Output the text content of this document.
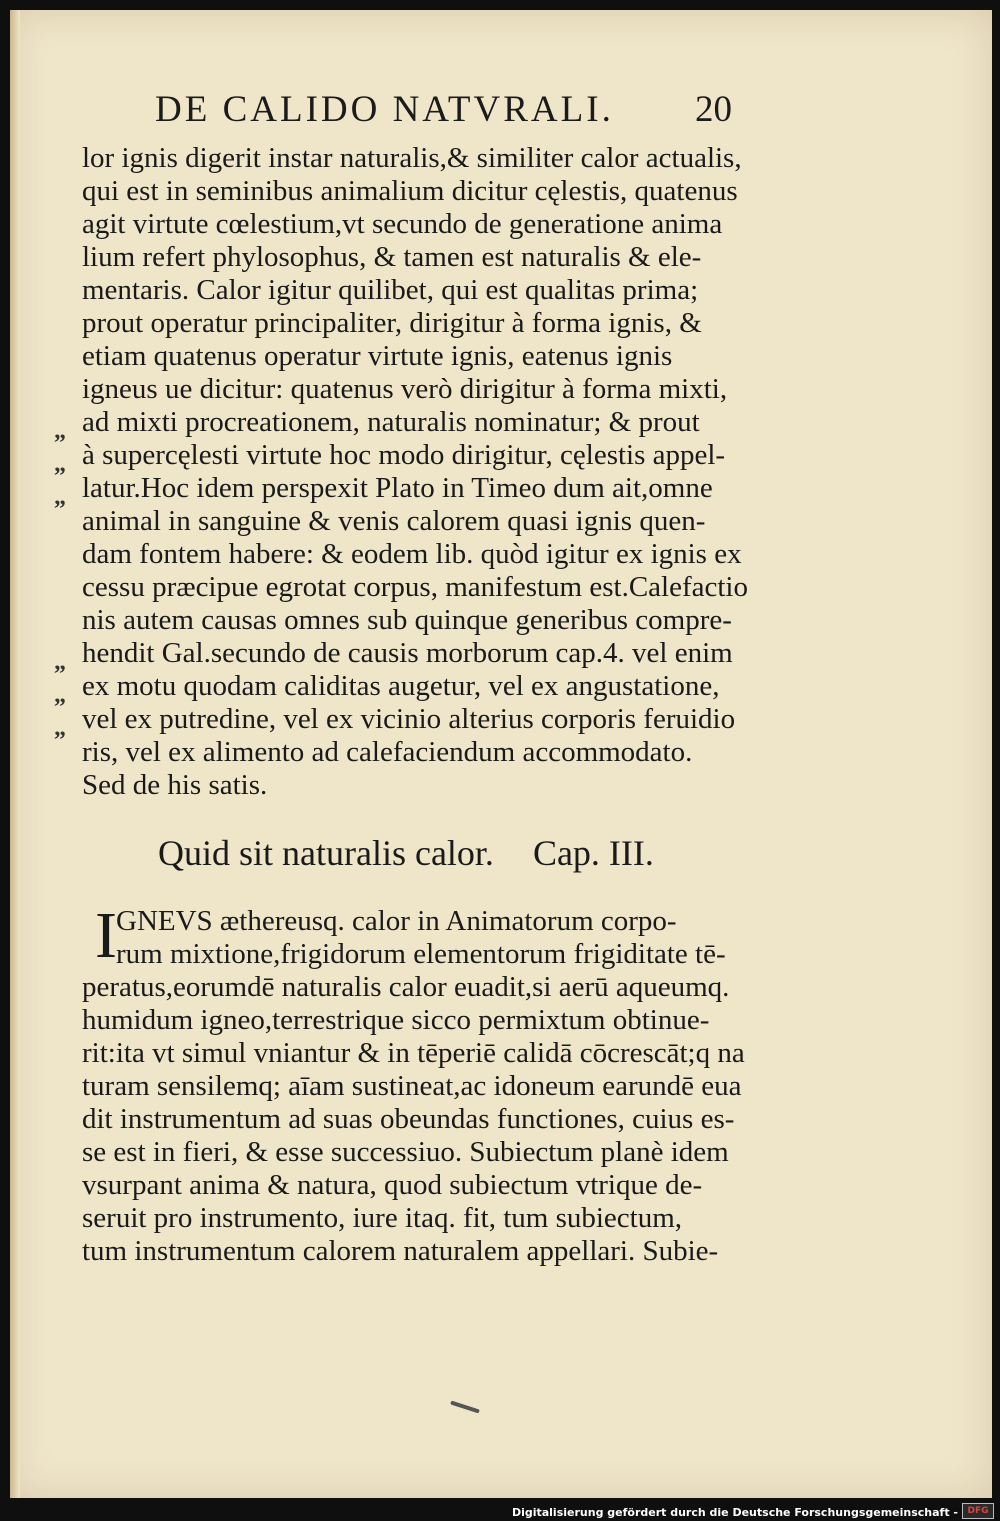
DE CALIDO NATVRALI. 20
lor ignis digerit instar naturalis,& similiter calor actualis,
qui est in seminibus animalium dicitur cęlestis, quatenus
agit virtute cœlestium,vt secundo de generatione anima
lium refert phylosophus, & tamen est naturalis & ele-
mentaris. Calor igitur quilibet, qui est qualitas prima;
prout operatur principaliter, dirigitur à forma ignis, &
etiam quatenus operatur virtute ignis, eatenus ignis
igneus ue dicitur: quatenus verò dirigitur à forma mixti,
ad mixti procreationem, naturalis nominatur; & prout
à supercęlesti virtute hoc modo dirigitur, cęlestis appel-
latur.Hoc idem perspexit Plato in Timeo dum ait,omne
animal in sanguine & venis calorem quasi ignis quen-
dam fontem habere: & eodem lib. quòd igitur ex ignis ex
cessu præcipue egrotat corpus, manifestum est.Calefactio
nis autem causas omnes sub quinque generibus compre-
hendit Gal.secundo de causis morborum cap.4. vel enim
ex motu quodam caliditas augetur, vel ex angustatione,
vel ex putredine, vel ex vicinio alterius corporis feruidio
ris, vel ex alimento ad calefaciendum accommodato.
Sed de his satis.
„
„
„
„
„
„
Quid sit naturalis calor. Cap. III.
I GNEVS æthereusq. calor in Animatorum corpo-
rum mixtione,frigidorum elementorum frigiditate tē-
peratus,eorumdē naturalis calor euadit,si aerū aqueumq.
humidum igneo,terrestrique sicco permixtum obtinue-
rit:ita vt simul vniantur & in tēperiē calidā cōcrescāt;q na
turam sensilemq; aīam sustineat,ac idoneum earundē eua
dit instrumentum ad suas obeundas functiones, cuius es-
se est in fieri, & esse successiuo. Subiectum planè idem
vsurpant anima & natura, quod subiectum vtrique de-
seruit pro instrumento, iure itaq. fit, tum subiectum,
tum instrumentum calorem naturalem appellari. Subie-
Digitalisierung gefördert durch die Deutsche Forschungsgemeinschaft -	DFG
